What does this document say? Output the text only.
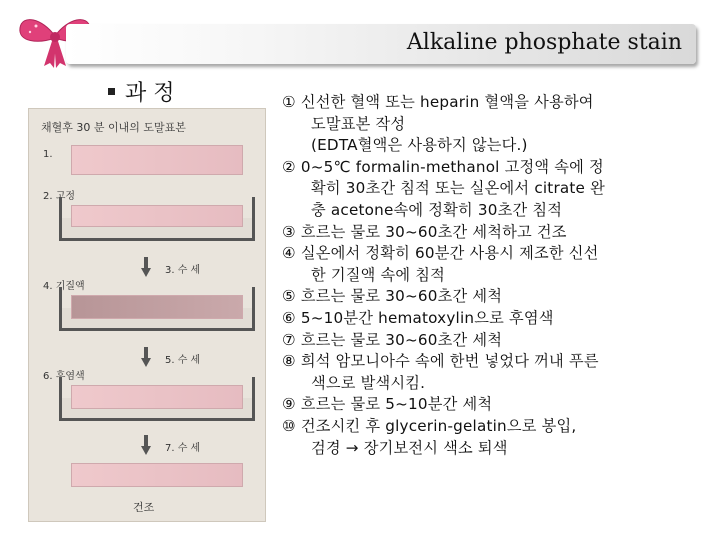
Alkaline phosphate stain
과 정
채혈후 30 분 이내의 도말표본
1.
2. 고정
3. 수 세
4. 기질액
5. 수 세
6. 후염색
7. 수 세
건조
① 신선한 혈액 또는 heparin 혈액을 사용하여
도말표본 작성
(EDTA혈액은 사용하지 않는다.)
② 0~5℃ formalin-methanol 고정액 속에 정
확히 30초간 침적 또는 실온에서 citrate 완
충 acetone속에 정확히 30초간 침적
③ 흐르는 물로 30~60초간 세척하고 건조
④ 실온에서 정확히 60분간 사용시 제조한 신선
한 기질액 속에 침적
⑤ 흐르는 물로 30~60초간 세척
⑥ 5~10분간 hematoxylin으로 후염색
⑦ 흐르는 물로 30~60초간 세척
⑧ 희석 암모니아수 속에 한번 넣었다 꺼내 푸른
색으로 발색시킴.
⑨ 흐르는 물로 5~10분간 세척
⑩ 건조시킨 후 glycerin-gelatin으로 봉입,
검경 → 장기보전시 색소 퇴색
